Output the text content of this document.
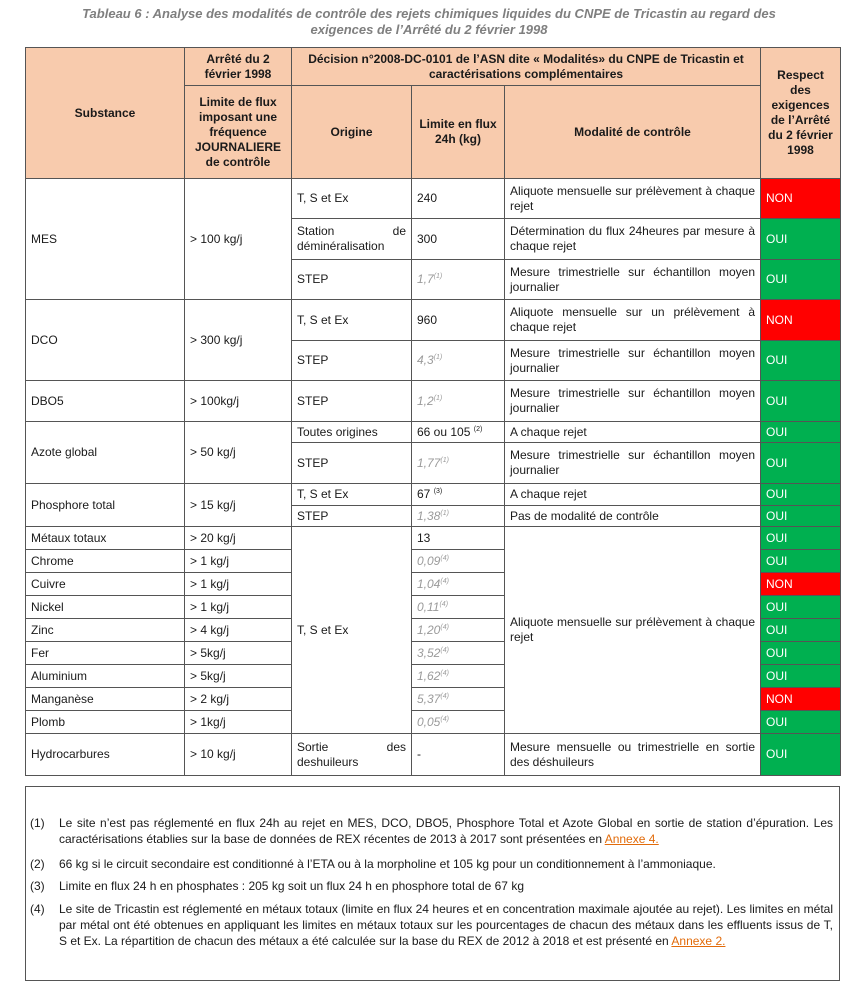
Tableau 6 : Analyse des modalités de contrôle des rejets chimiques liquides du CNPE de Tricastin au regard des
exigences de l’Arrêté du 2 février 1998
Substance	Arrêté du 2 février 1998	Décision n°2008-DC-0101 de l’ASN dite « Modalités» du CNPE de Tricastin et caractérisations complémentaires			Respect des exigences de l’Arrêté du 2 février 1998
	Limite de flux imposant une fréquence JOURNALIERE de contrôle	Origine	Limite en flux 24h (kg)	Modalité de contrôle	
MES	> 100 kg/j	T, S et Ex	240	Aliquote mensuelle sur prélèvement à chaque rejet	NON
		Station de déminéralisation	300	Détermination du flux 24heures par mesure à chaque rejet	OUI
		STEP	1,7$^{(1)}$	Mesure trimestrielle sur échantillon moyen journalier	OUI
DCO	> 300 kg/j	T, S et Ex	960	Aliquote mensuelle sur un prélèvement à chaque rejet	NON
		STEP	4,3$^{(1)}$	Mesure trimestrielle sur échantillon moyen journalier	OUI
DBO5	> 100kg/j	STEP	1,2$^{(1)}$	Mesure trimestrielle sur échantillon moyen journalier	OUI
Azote global	> 50 kg/j	Toutes origines	66 ou 105 $^{(2)}$	A chaque rejet	OUI
		STEP	1,77$^{(1)}$	Mesure trimestrielle sur échantillon moyen journalier	OUI
Phosphore total	> 15 kg/j	T, S et Ex	67 $^{(3)}$	A chaque rejet	OUI
		STEP	1,38$^{(1)}$	Pas de modalité de contrôle	OUI
Métaux totaux	> 20 kg/j	T, S et Ex	13	Aliquote mensuelle sur prélèvement à chaque rejet	OUI
Chrome	> 1 kg/j		0,09$^{(4)}$		OUI
Cuivre	> 1 kg/j		1,04$^{(4)}$		NON
Nickel	> 1 kg/j		0,11$^{(4)}$		OUI
Zinc	> 4 kg/j		1,20$^{(4)}$		OUI
Fer	> 5kg/j		3,52$^{(4)}$		OUI
Aluminium	> 5kg/j		1,62$^{(4)}$		OUI
Manganèse	> 2 kg/j		5,37$^{(4)}$		NON
Plomb	> 1kg/j		0,05$^{(4)}$		OUI
Hydrocarbures	> 10 kg/j	Sortie des deshuileurs	-	Mesure mensuelle ou trimestrielle en sortie des déshuileurs	OUI
(1) Le site n’est pas réglementé en flux 24h au rejet en MES, DCO, DBO5, Phosphore Total et Azote Global en sortie de station d’épuration. Les caractérisations établies sur la base de données de REX récentes de 2013 à 2017 sont présentées en Annexe 4.
(2) 66 kg si le circuit secondaire est conditionné à l’ETA ou à la morpholine et 105 kg pour un conditionnement à l’ammoniaque.
(3) Limite en flux 24 h en phosphates : 205 kg soit un flux 24 h en phosphore total de 67 kg
(4) Le site de Tricastin est réglementé en métaux totaux (limite en flux 24 heures et en concentration maximale ajoutée au rejet). Les limites en métal par métal ont été obtenues en appliquant les limites en métaux totaux sur les pourcentages de chacun des métaux dans les effluents issus de T, S et Ex. La répartition de chacun des métaux a été calculée sur la base du REX de 2012 à 2018 et est présenté en Annexe 2.
